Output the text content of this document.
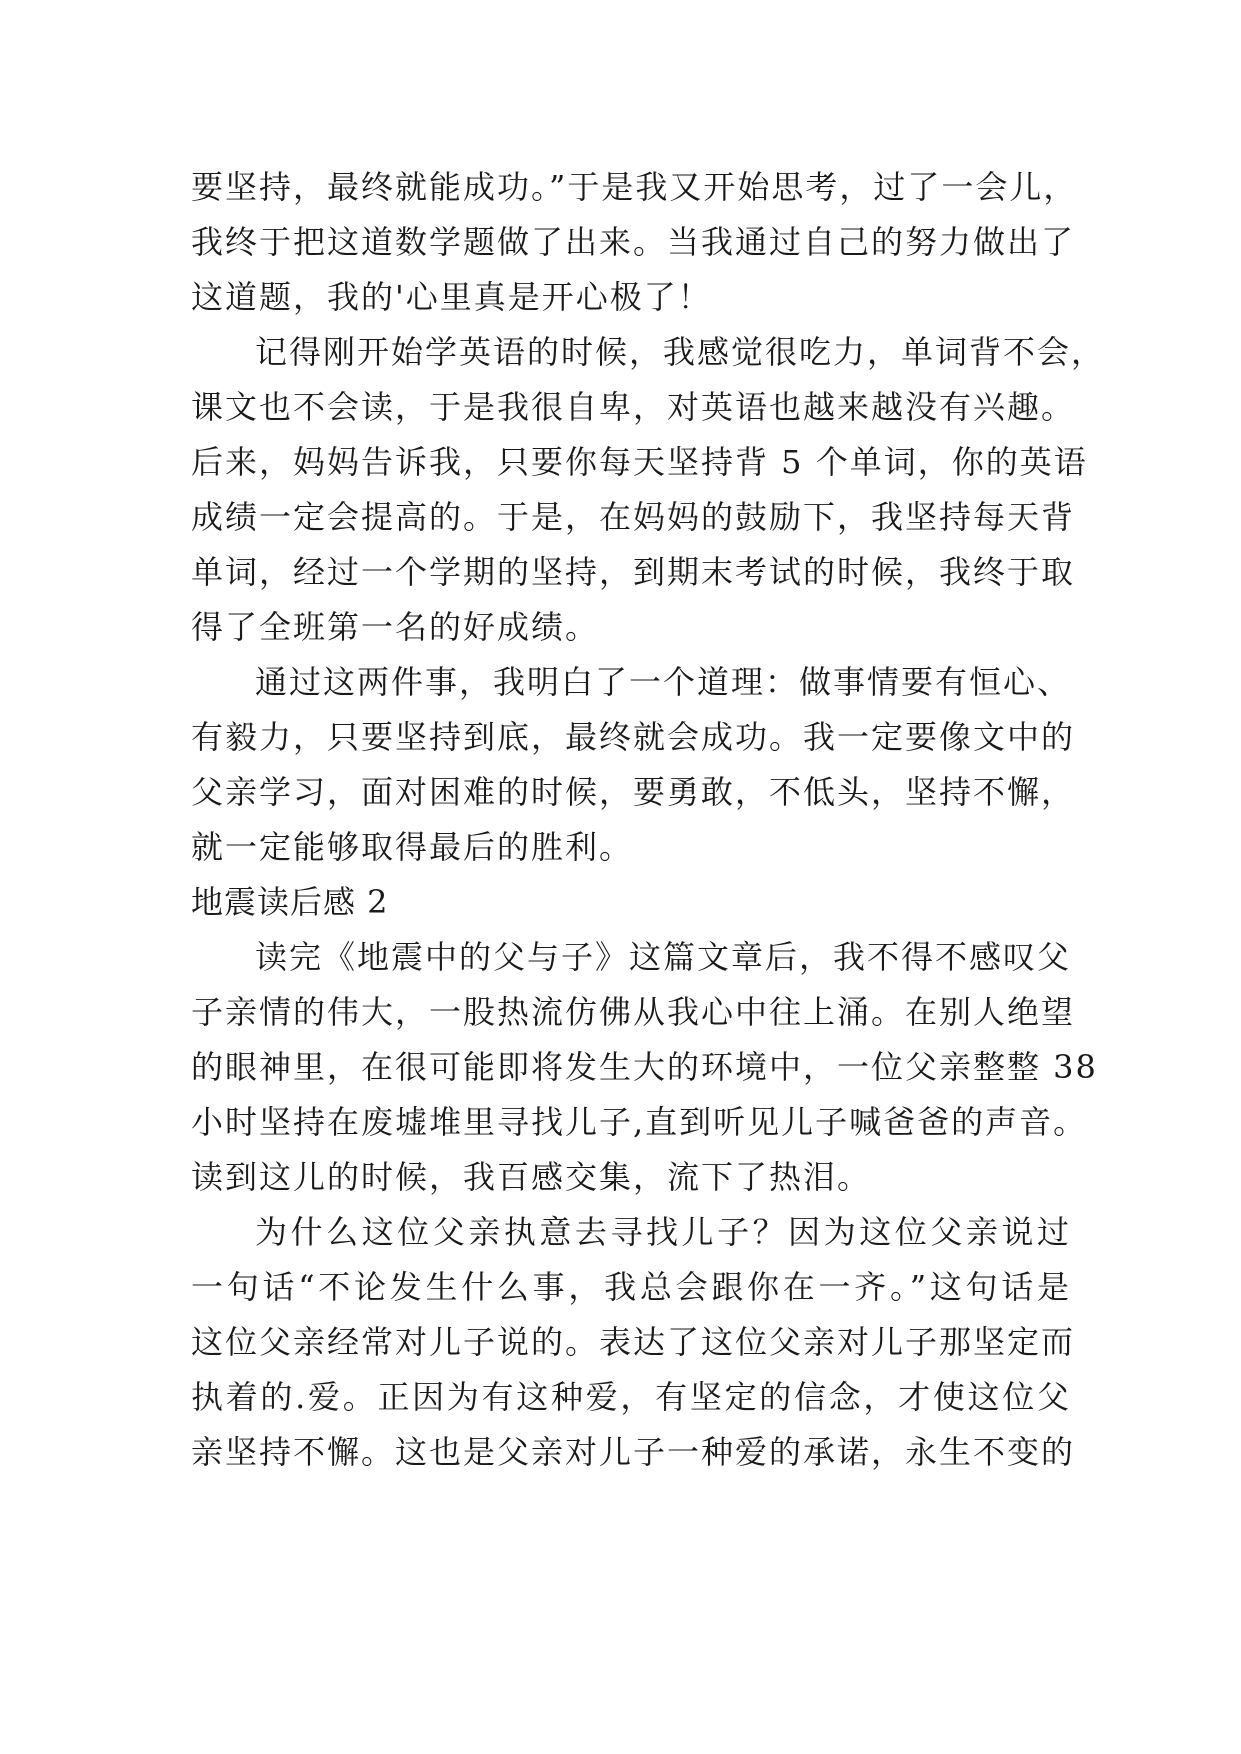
要坚持，最终就能成功。”于是我又开始思考，过了一会儿，
我终于把这道数学题做了出来。当我通过自己的努力做出了
这道题，我的'心里真是开心极了！
记得刚开始学英语的时候，我感觉很吃力，单词背不会，
课文也不会读，于是我很自卑，对英语也越来越没有兴趣。
后来，妈妈告诉我，只要你每天坚持背 5 个单词，你的英语
成绩一定会提高的。于是，在妈妈的鼓励下，我坚持每天背
单词，经过一个学期的坚持，到期末考试的时候，我终于取
得了全班第一名的好成绩。
通过这两件事，我明白了一个道理：做事情要有恒心、
有毅力，只要坚持到底，最终就会成功。我一定要像文中的
父亲学习，面对困难的时候，要勇敢，不低头，坚持不懈，
就一定能够取得最后的胜利。
地震读后感 2
读完《地震中的父与子》这篇文章后，我不得不感叹父
子亲情的伟大，一股热流仿佛从我心中往上涌。在别人绝望
的眼神里，在很可能即将发生大的环境中，一位父亲整整 38
小时坚持在废墟堆里寻找儿子,直到听见儿子喊爸爸的声音。
读到这儿的时候，我百感交集，流下了热泪。
为什么这位父亲执意去寻找儿子？因为这位父亲说过
一句话“不论发生什么事，我总会跟你在一齐。”这句话是
这位父亲经常对儿子说的。表达了这位父亲对儿子那坚定而
执着的.爱。正因为有这种爱，有坚定的信念，才使这位父
亲坚持不懈。这也是父亲对儿子一种爱的承诺，永生不变的
